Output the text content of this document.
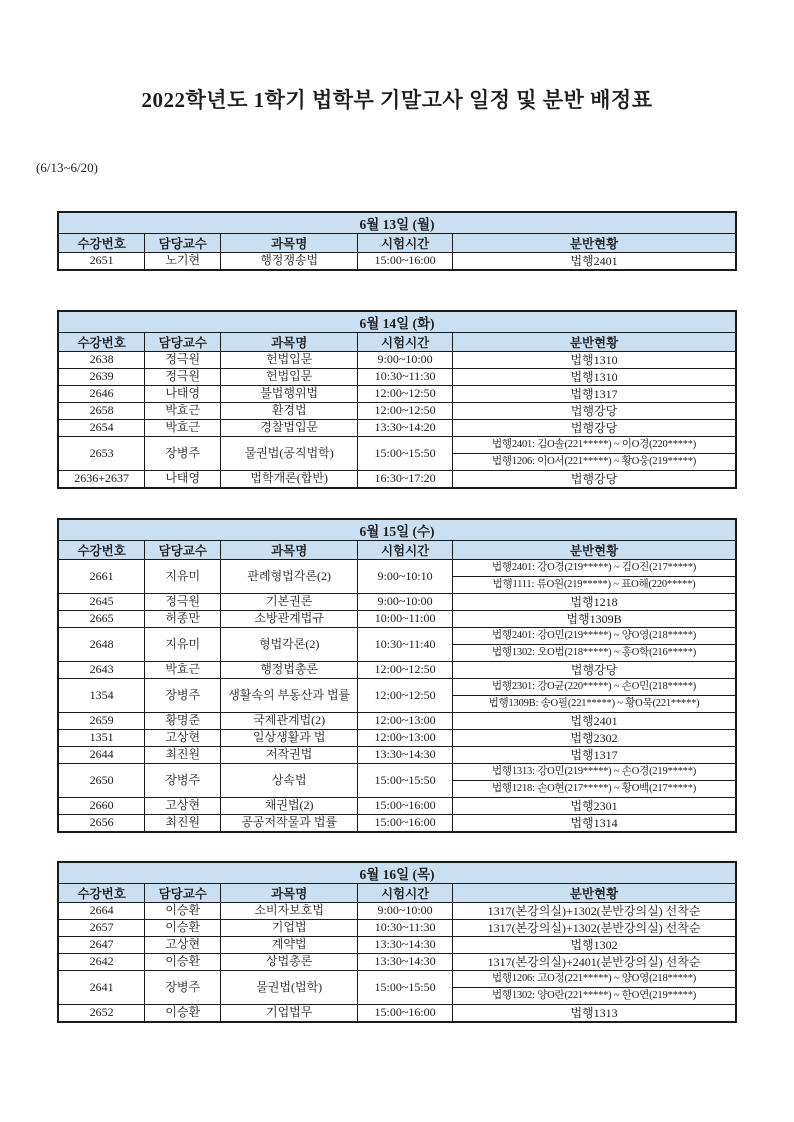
2022학년도 1학기 법학부 기말고사 일정 및 분반 배정표
(6/13~6/20)
6월 13일 (월)				
수강번호	담당교수	과목명	시험시간	분반현황
2651	노기현	행정쟁송법	15:00~16:00	법행2401
6월 14일 (화)				
수강번호	담당교수	과목명	시험시간	분반현황
2638	정극원	헌법입문	9:00~10:00	법행1310

2639	정극원	헌법입문	10:30~11:30	법행1310

2646	나태영	불법행위법	12:00~12:50	법행1317

2658	박효근	환경법	12:00~12:50	법행강당

2654	박효근	경찰법입문	13:30~14:20	법행강당

2653	장병주	물권법(공직법학)	15:00~15:50	법행2401: 김O솔(221*****) ~ 이O경(220*****)
법행1206: 이O서(221*****) ~ 황O웅(219*****)

2636+2637	나태영	법학개론(합반)	16:30~17:20	법행강당
6월 15일 (수)				
수강번호	담당교수	과목명	시험시간	분반현황
2661	지유미	판례형법각론(2)	9:00~10:10	법행2401: 강O경(219*****) ~ 김O진(217*****)
법행1111: 류O원(219*****) ~ 표O해(220*****)

2645	정극원	기본권론	9:00~10:00	법행1218

2665	허종만	소방관계법규	10:00~11:00	법행1309B

2648	지유미	형법각론(2)	10:30~11:40	법행2401: 강O민(219*****) ~ 양O영(218*****)
법행1302: 오O범(218*****) ~ 홍O학(216*****)

2643	박효근	행정법총론	12:00~12:50	법행강당

1354	장병주	생활속의 부동산과 법률	12:00~12:50	법행2301: 강O균(220*****) ~ 손O민(218*****)
법행1309B: 송O필(221*****) ~ 황O묵(221*****)

2659	황명준	국제관계법(2)	12:00~13:00	법행2401

1351	고상현	일상생활과 법	12:00~13:00	법행2302

2644	최진원	저작권법	13:30~14:30	법행1317

2650	장병주	상속법	15:00~15:50	법행1313: 강O민(219*****) ~ 손O경(219*****)
법행1218: 손O현(217*****) ~ 황O백(217*****)

2660	고상현	채권법(2)	15:00~16:00	법행2301

2656	최진원	공공저작물과 법률	15:00~16:00	법행1314
6월 16일 (목)				
수강번호	담당교수	과목명	시험시간	분반현황
2664	이승환	소비자보호법	9:00~10:00	1317(본강의실)+1302(분반강의실) 선착순

2657	이승환	기업법	10:30~11:30	1317(본강의실)+1302(분반강의실) 선착순

2647	고상현	계약법	13:30~14:30	법행1302

2642	이승환	상법총론	13:30~14:30	1317(본강의실)+2401(분반강의실) 선착순

2641	장병주	물권법(법학)	15:00~15:50	법행1206: 고O정(221*****) ~ 양O영(218*****)
법행1302: 양O란(221*****) ~ 한O연(219*****)

2652	이승환	기업법무	15:00~16:00	법행1313
